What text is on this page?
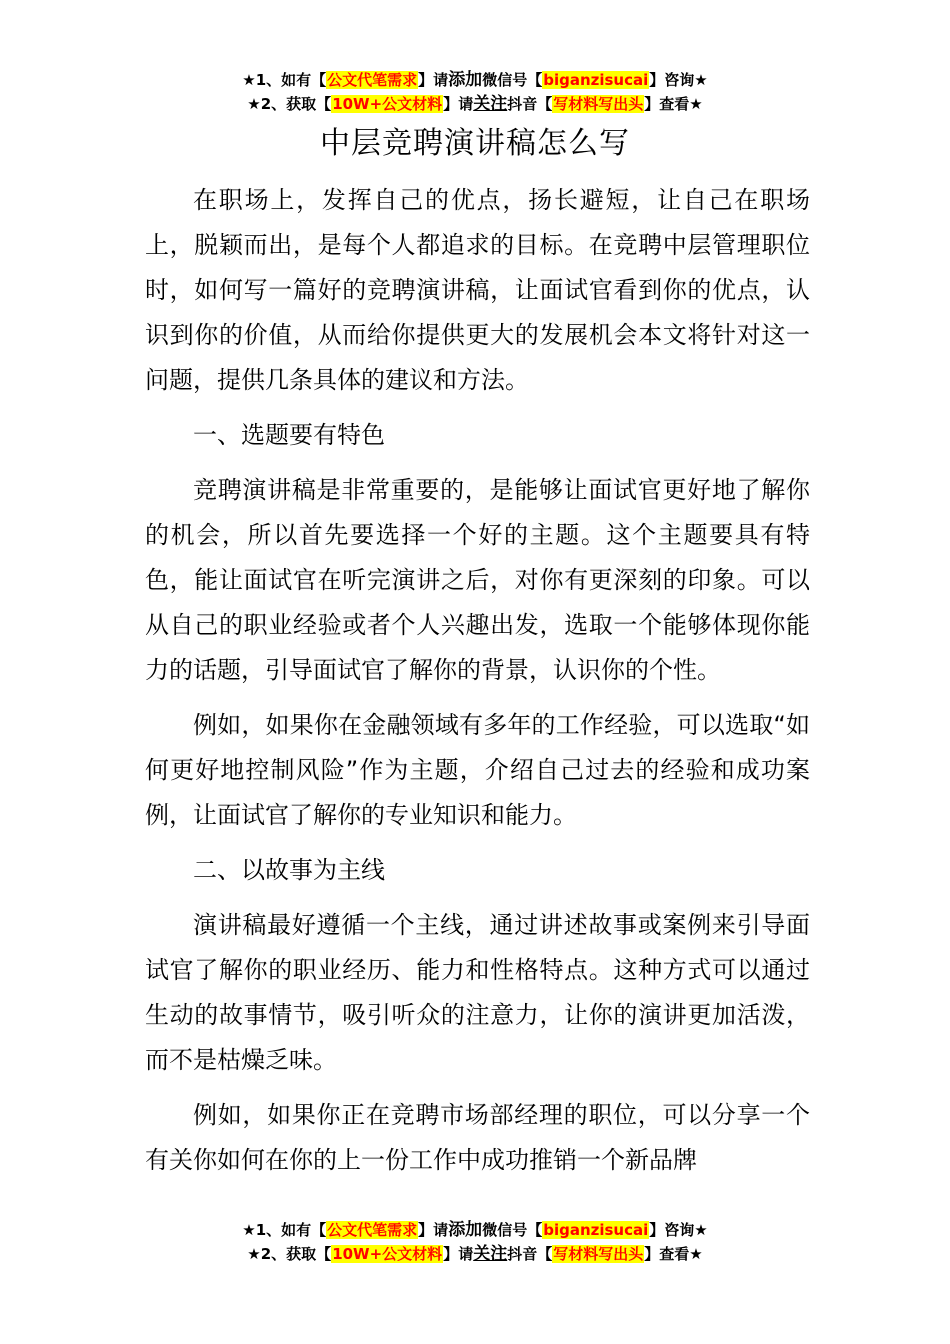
★1、如有【公文代笔需求】请添加微信号【biganzisucai】咨询★
★2、获取【10W+公文材料】请关注抖音【写材料写出头】查看★
中层竞聘演讲稿怎么写

在职场上，发挥自己的优点，扬长避短，让自己在职场上，脱颖而出，是每个人都追求的目标。在竞聘中层管理职位时，如何写一篇好的竞聘演讲稿，让面试官看到你的优点，认识到你的价值，从而给你提供更大的发展机会本文将针对这一问题，提供几条具体的建议和方法。

一、选题要有特色

竞聘演讲稿是非常重要的，是能够让面试官更好地了解你的机会，所以首先要选择一个好的主题。这个主题要具有特色，能让面试官在听完演讲之后，对你有更深刻的印象。可以从自己的职业经验或者个人兴趣出发，选取一个能够体现你能力的话题，引导面试官了解你的背景，认识你的个性。

例如，如果你在金融领域有多年的工作经验，可以选取“如何更好地控制风险”作为主题，介绍自己过去的经验和成功案例，让面试官了解你的专业知识和能力。

二、以故事为主线

演讲稿最好遵循一个主线，通过讲述故事或案例来引导面试官了解你的职业经历、能力和性格特点。这种方式可以通过生动的故事情节，吸引听众的注意力，让你的演讲更加活泼，而不是枯燥乏味。

例如，如果你正在竞聘市场部经理的职位，可以分享一个有关你如何在你的上一份工作中成功推销一个新品牌

★1、如有【公文代笔需求】请添加微信号【biganzisucai】咨询★
★2、获取【10W+公文材料】请关注抖音【写材料写出头】查看★
